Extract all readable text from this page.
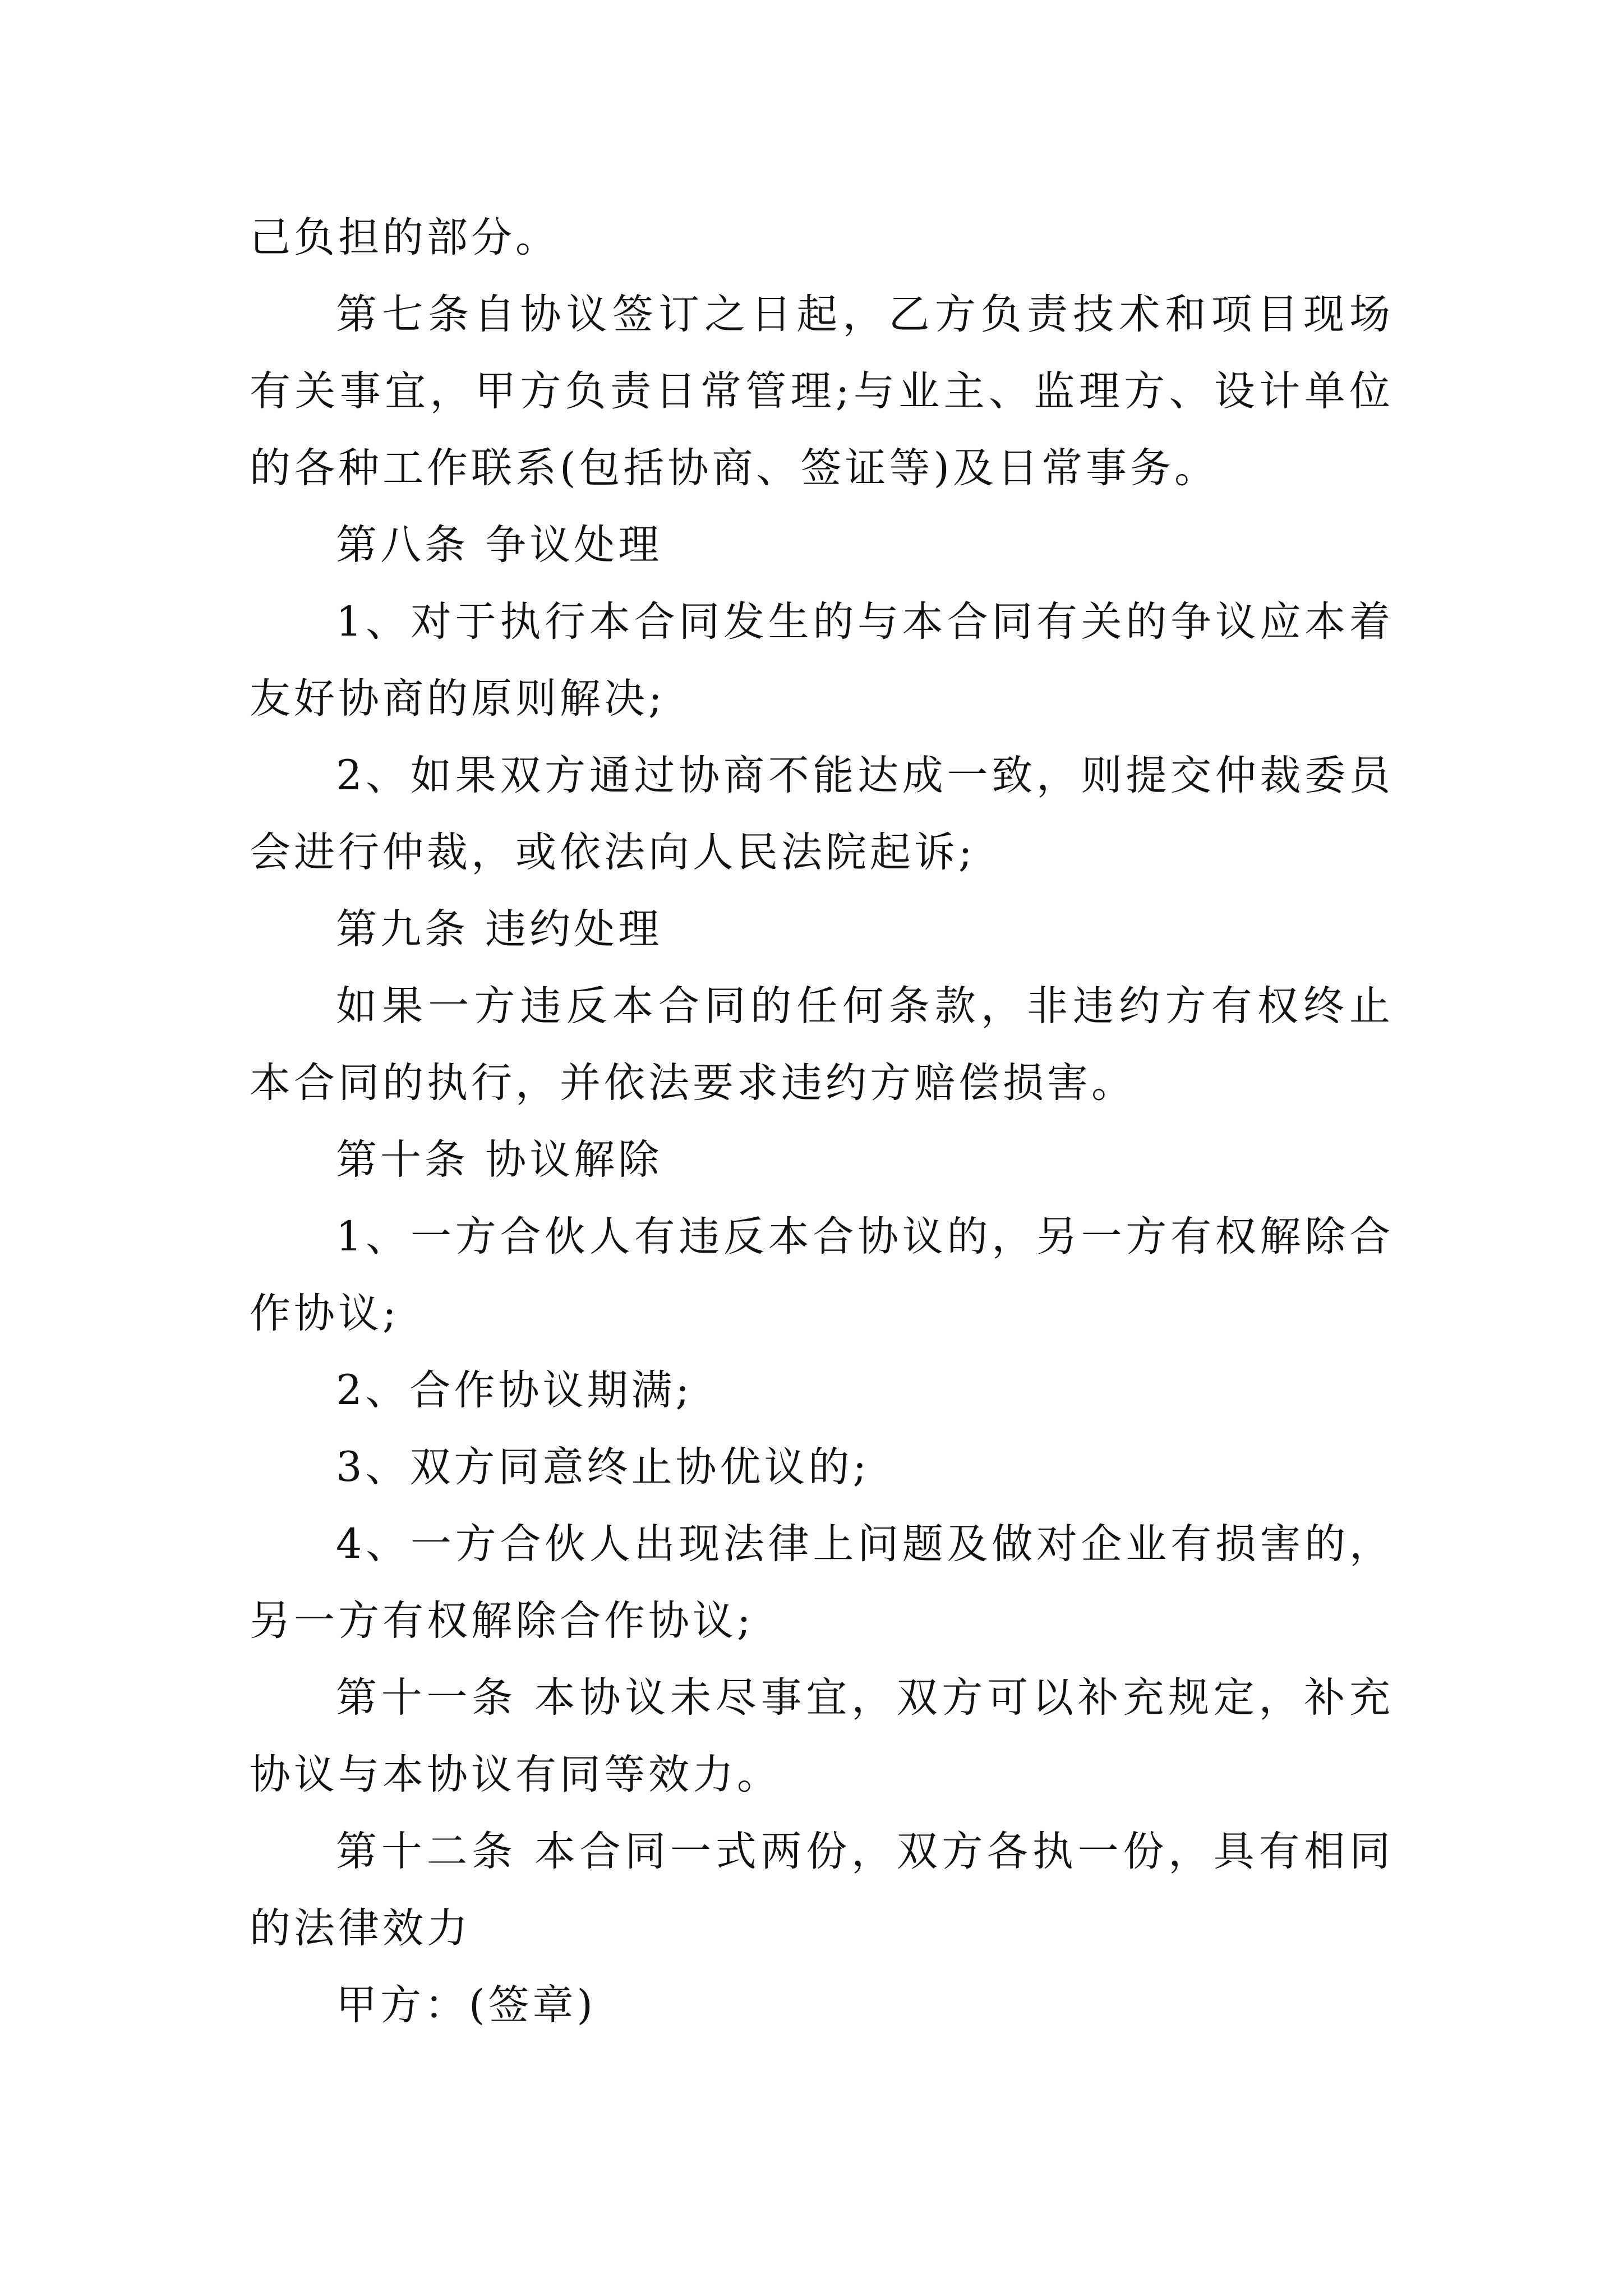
己负担的部分。

第七条自协议签订之日起，乙方负责技术和项目现场有关事宜，甲方负责日常管理;与业主、监理方、设计单位的各种工作联系(包括协商、签证等)及日常事务。

第八条 争议处理

1、对于执行本合同发生的与本合同有关的争议应本着友好协商的原则解决;

2、如果双方通过协商不能达成一致，则提交仲裁委员会进行仲裁，或依法向人民法院起诉;

第九条 违约处理

如果一方违反本合同的任何条款，非违约方有权终止本合同的执行，并依法要求违约方赔偿损害。

第十条 协议解除

1、一方合伙人有违反本合协议的，另一方有权解除合作协议;

2、合作协议期满;

3、双方同意终止协优议的;

4、一方合伙人出现法律上问题及做对企业有损害的，另一方有权解除合作协议;

第十一条 本协议未尽事宜，双方可以补充规定，补充协议与本协议有同等效力。

第十二条 本合同一式两份，双方各执一份，具有相同的法律效力

甲方：(签章)
